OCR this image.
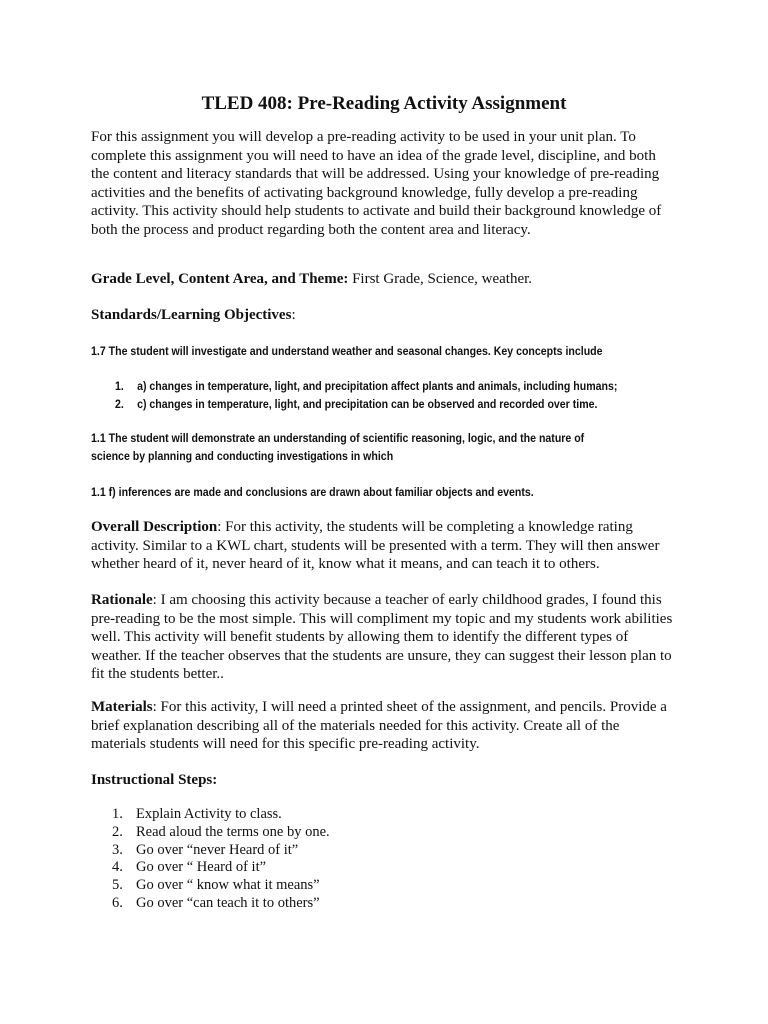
TLED 408: Pre-Reading Activity Assignment
For this assignment you will develop a pre-reading activity to be used in your unit plan. To
complete this assignment you will need to have an idea of the grade level, discipline, and both
the content and literacy standards that will be addressed. Using your knowledge of pre-reading
activities and the benefits of activating background knowledge, fully develop a pre-reading
activity. This activity should help students to activate and build their background knowledge of
both the process and product regarding both the content area and literacy.
Grade Level, Content Area, and Theme: First Grade, Science, weather.
Standards/Learning Objectives:
1.7 The student will investigate and understand weather and seasonal changes. Key concepts include
1. a) changes in temperature, light, and precipitation affect plants and animals, including humans;
2. c) changes in temperature, light, and precipitation can be observed and recorded over time.
1.1 The student will demonstrate an understanding of scientific reasoning, logic, and the nature of
science by planning and conducting investigations in which
1.1 f) inferences are made and conclusions are drawn about familiar objects and events.
Overall Description: For this activity, the students will be completing a knowledge rating
activity. Similar to a KWL chart, students will be presented with a term. They will then answer
whether heard of it, never heard of it, know what it means, and can teach it to others.
Rationale: I am choosing this activity because a teacher of early childhood grades, I found this
pre-reading to be the most simple. This will compliment my topic and my students work abilities
well. This activity will benefit students by allowing them to identify the different types of
weather. If the teacher observes that the students are unsure, they can suggest their lesson plan to
fit the students better..
Materials: For this activity, I will need a printed sheet of the assignment, and pencils. Provide a
brief explanation describing all of the materials needed for this activity. Create all of the
materials students will need for this specific pre-reading activity.
Instructional Steps:
1. Explain Activity to class.
2. Read aloud the terms one by one.
3. Go over “never Heard of it”
4. Go over “ Heard of it”
5. Go over “ know what it means”
6. Go over “can teach it to others”
